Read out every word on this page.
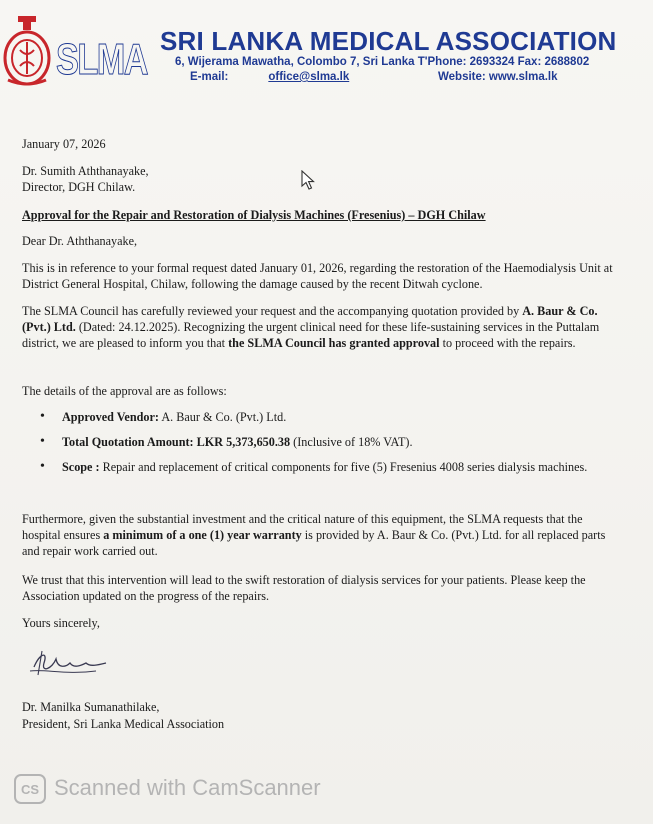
SLMA SRI LANKA MEDICAL ASSOCIATION
6, Wijerama Mawatha, Colombo 7, Sri Lanka T'Phone: 2693324 Fax: 2688802
E-mail:	office@slma.lk	Website: www.slma.lk
January 07, 2026
Dr. Sumith Aththanayake,
Director, DGH Chilaw.
Approval for the Repair and Restoration of Dialysis Machines (Fresenius) – DGH Chilaw
Dear Dr. Aththanayake,
This is in reference to your formal request dated January 01, 2026, regarding the restoration of the Haemodialysis Unit at District General Hospital, Chilaw, following the damage caused by the recent Ditwah cyclone.
The SLMA Council has carefully reviewed your request and the accompanying quotation provided by A. Baur & Co. (Pvt.) Ltd. (Dated: 24.12.2025). Recognizing the urgent clinical need for these life-sustaining services in the Puttalam district, we are pleased to inform you that the SLMA Council has granted approval to proceed with the repairs.
The details of the approval are as follows:
• Approved Vendor: A. Baur & Co. (Pvt.) Ltd.
• Total Quotation Amount: LKR 5,373,650.38 (Inclusive of 18% VAT).
• Scope : Repair and replacement of critical components for five (5) Fresenius 4008 series dialysis machines.
Furthermore, given the substantial investment and the critical nature of this equipment, the SLMA requests that the hospital ensures a minimum of a one (1) year warranty is provided by A. Baur & Co. (Pvt.) Ltd. for all replaced parts and repair work carried out.
We trust that this intervention will lead to the swift restoration of dialysis services for your patients. Please keep the Association updated on the progress of the repairs.
Yours sincerely,
Dr. Manilka Sumanathilake,
President, Sri Lanka Medical Association
CS Scanned with CamScanner
